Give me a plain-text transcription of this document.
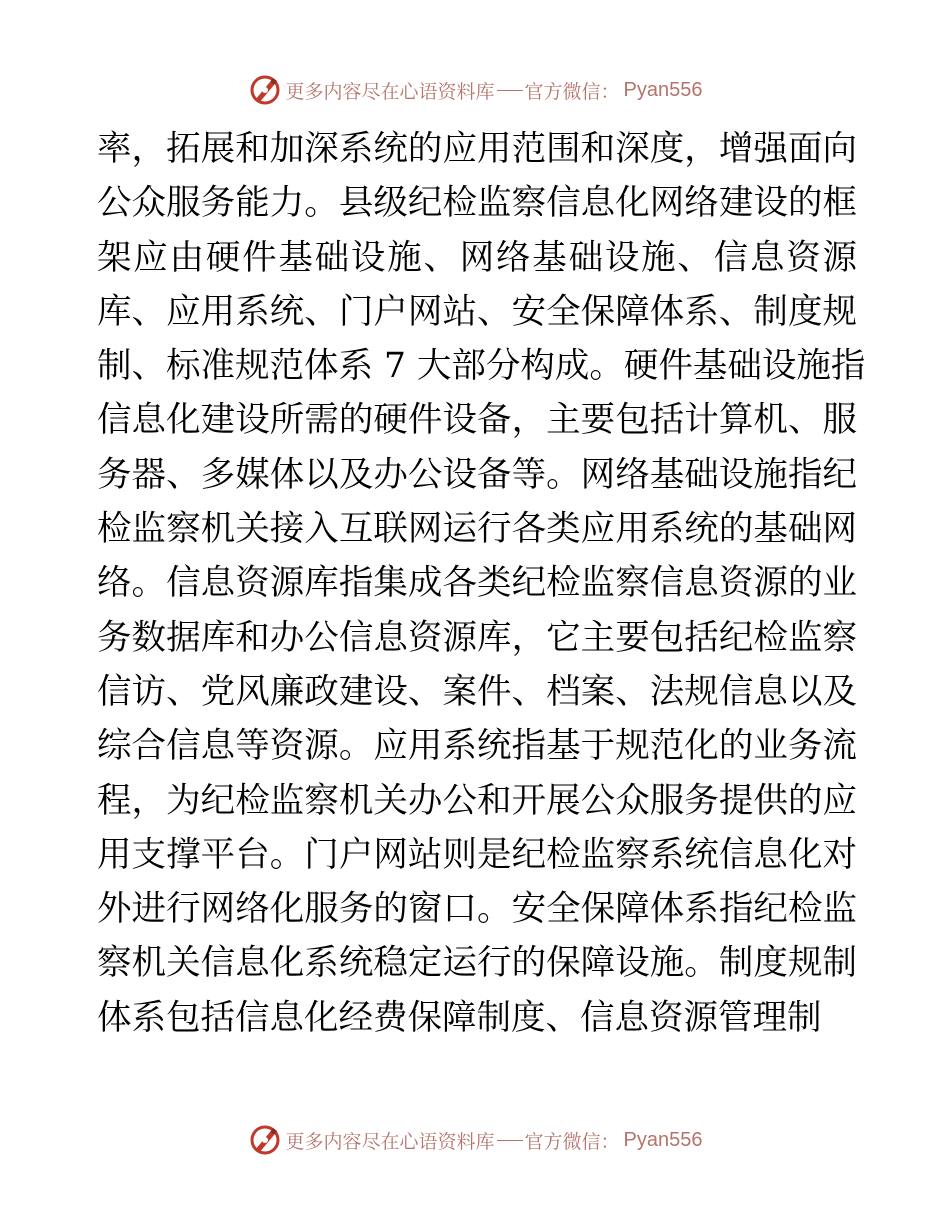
更多内容尽在心语资料库 官方微信： Pyan556
率，拓展和加深系统的应用范围和深度，增强面向
公众服务能力。县级纪检监察信息化网络建设的框
架应由硬件基础设施、网络基础设施、信息资源
库、应用系统、门户网站、安全保障体系、制度规
制、标准规范体系 7 大部分构成。硬件基础设施指
信息化建设所需的硬件设备，主要包括计算机、服
务器、多媒体以及办公设备等。网络基础设施指纪
检监察机关接入互联网运行各类应用系统的基础网
络。信息资源库指集成各类纪检监察信息资源的业
务数据库和办公信息资源库，它主要包括纪检监察
信访、党风廉政建设、案件、档案、法规信息以及
综合信息等资源。应用系统指基于规范化的业务流
程，为纪检监察机关办公和开展公众服务提供的应
用支撑平台。门户网站则是纪检监察系统信息化对
外进行网络化服务的窗口。安全保障体系指纪检监
察机关信息化系统稳定运行的保障设施。制度规制
体系包括信息化经费保障制度、信息资源管理制
更多内容尽在心语资料库 官方微信： Pyan556
